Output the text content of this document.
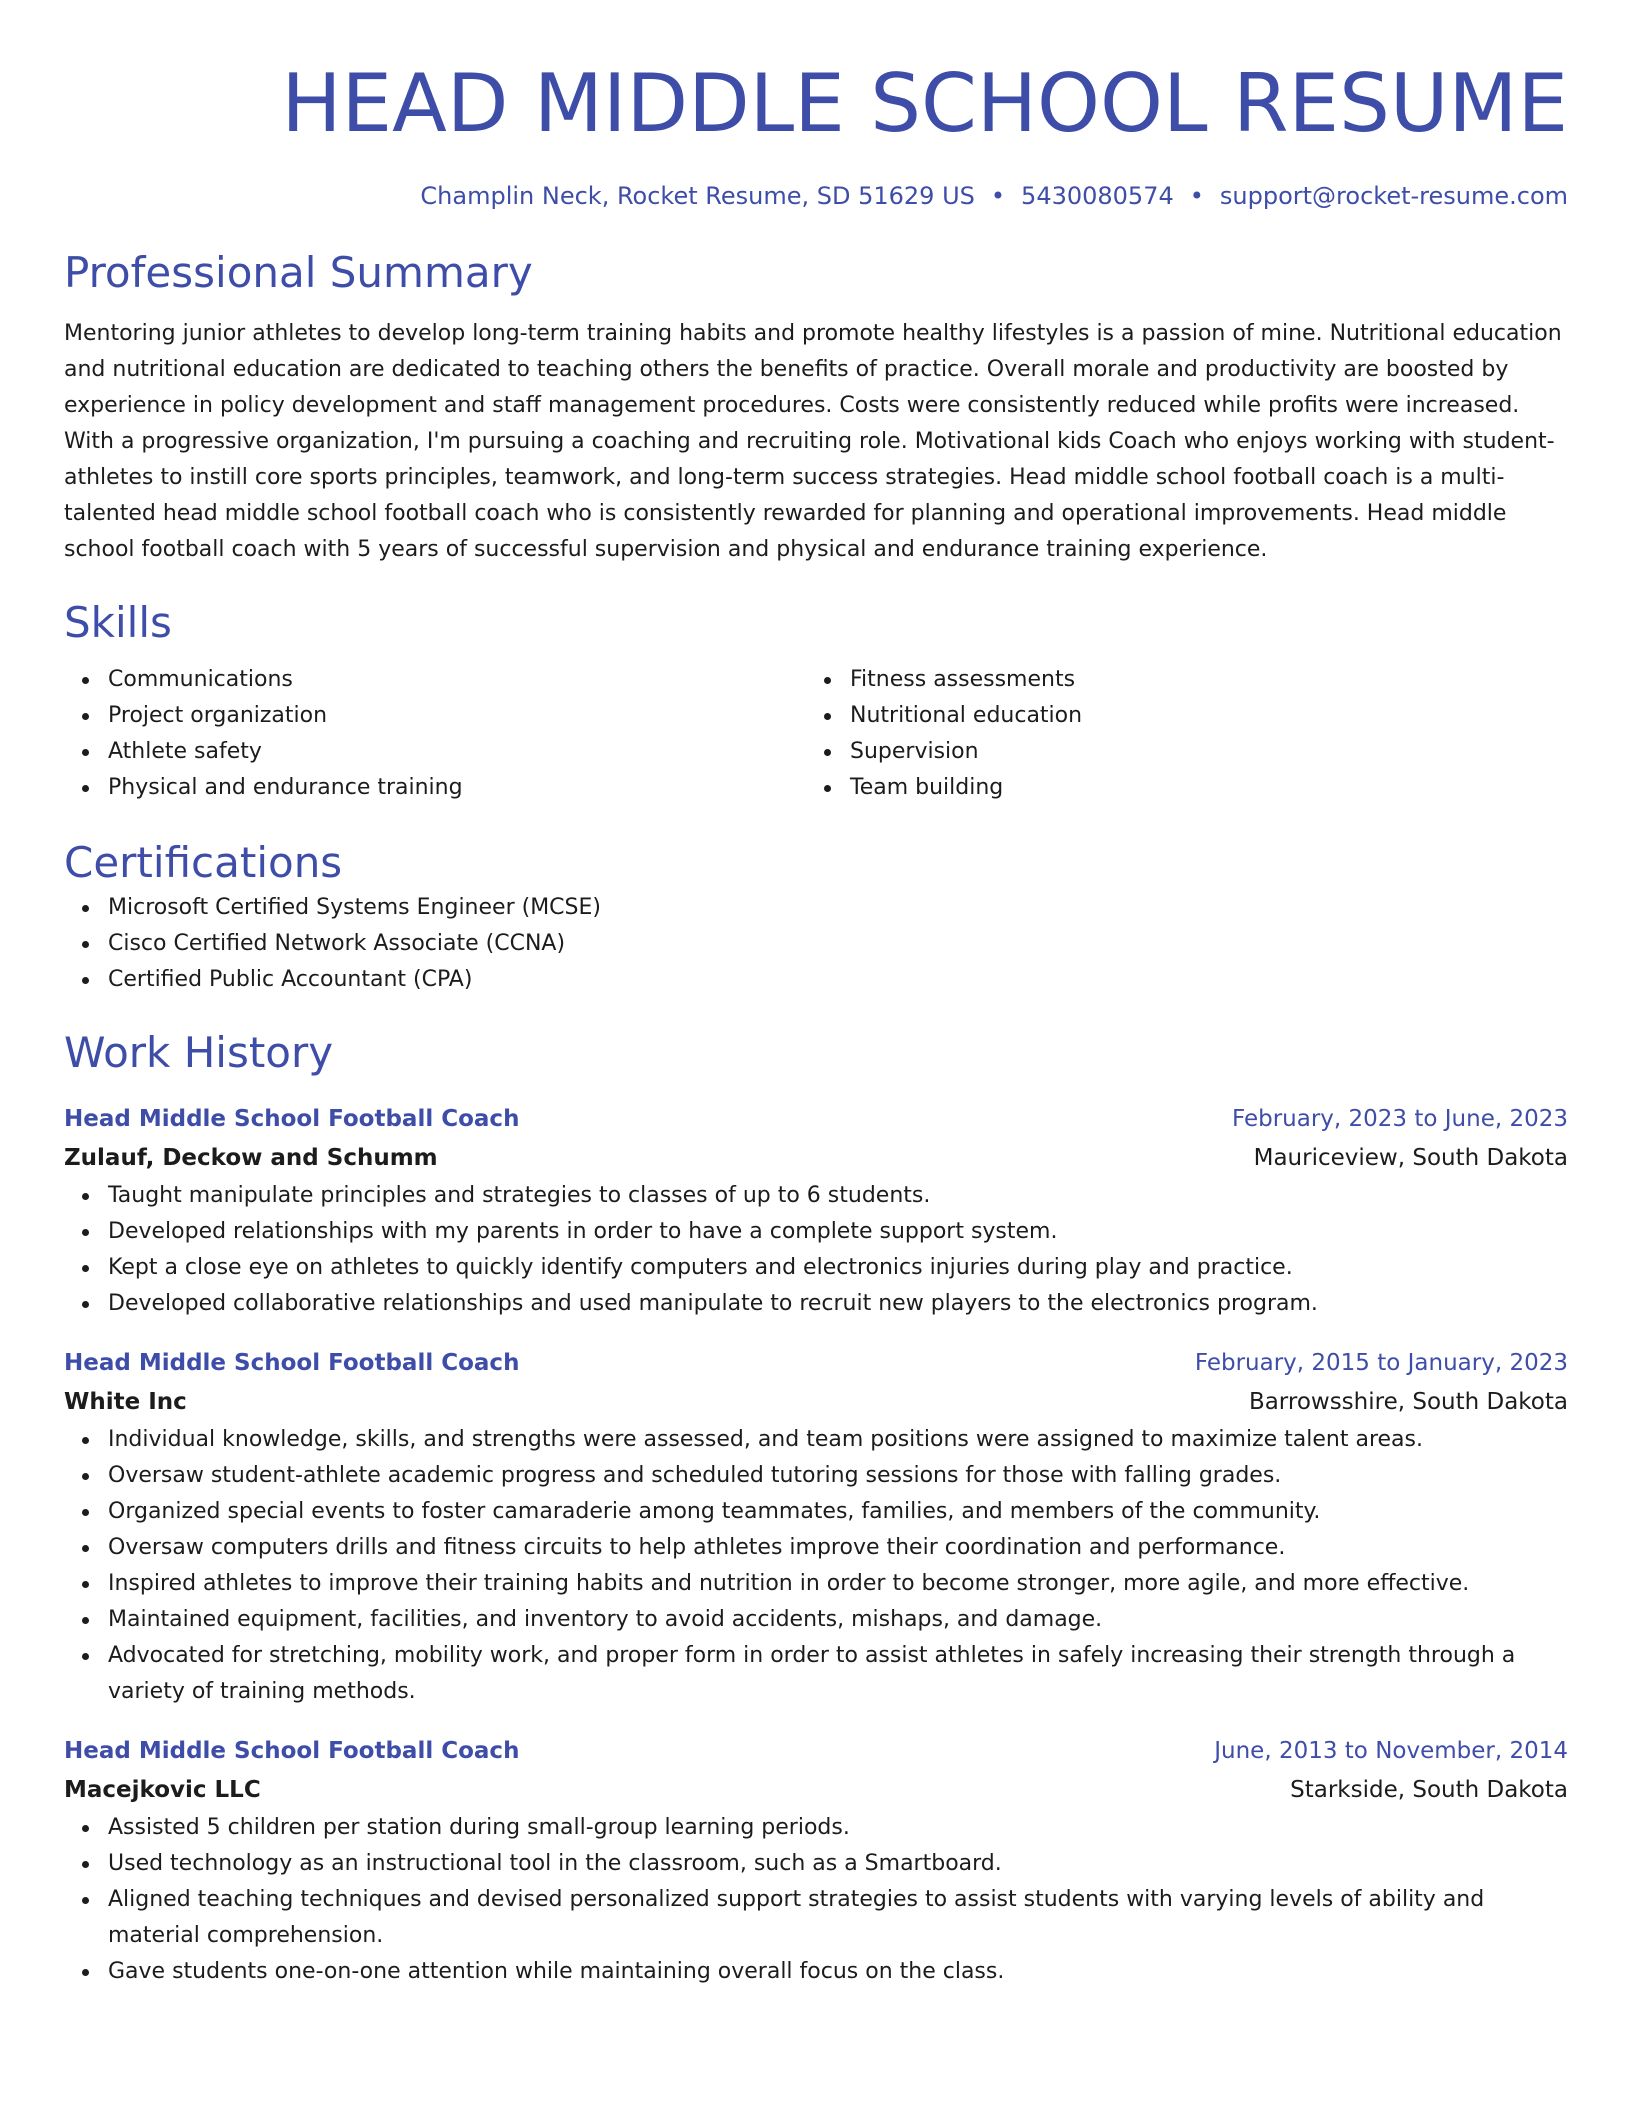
HEAD MIDDLE SCHOOL RESUME
Champlin Neck, Rocket Resume, SD 51629 US • 5430080574 • support@rocket-resume.com
Professional Summary
Mentoring junior athletes to develop long-term training habits and promote healthy lifestyles is a passion of mine. Nutritional education and nutritional education are dedicated to teaching others the benefits of practice. Overall morale and productivity are boosted by experience in policy development and staff management procedures. Costs were consistently reduced while profits were increased. With a progressive organization, I'm pursuing a coaching and recruiting role. Motivational kids Coach who enjoys working with student-athletes to instill core sports principles, teamwork, and long-term success strategies. Head middle school football coach is a multi-talented head middle school football coach who is consistently rewarded for planning and operational improvements. Head middle school football coach with 5 years of successful supervision and physical and endurance training experience.
Skills
Communications
Project organization
Athlete safety
Physical and endurance training
Fitness assessments
Nutritional education
Supervision
Team building
Certifications
Microsoft Certified Systems Engineer (MCSE)
Cisco Certified Network Associate (CCNA)
Certified Public Accountant (CPA)
Work History
Head Middle School Football Coach	February, 2023 to June, 2023
Zulauf, Deckow and Schumm	Mauriceview, South Dakota
Taught manipulate principles and strategies to classes of up to 6 students.
Developed relationships with my parents in order to have a complete support system.
Kept a close eye on athletes to quickly identify computers and electronics injuries during play and practice.
Developed collaborative relationships and used manipulate to recruit new players to the electronics program.
Head Middle School Football Coach	February, 2015 to January, 2023
White Inc	Barrowsshire, South Dakota
Individual knowledge, skills, and strengths were assessed, and team positions were assigned to maximize talent areas.
Oversaw student-athlete academic progress and scheduled tutoring sessions for those with falling grades.
Organized special events to foster camaraderie among teammates, families, and members of the community.
Oversaw computers drills and fitness circuits to help athletes improve their coordination and performance.
Inspired athletes to improve their training habits and nutrition in order to become stronger, more agile, and more effective.
Maintained equipment, facilities, and inventory to avoid accidents, mishaps, and damage.
Advocated for stretching, mobility work, and proper form in order to assist athletes in safely increasing their strength through a variety of training methods.
Head Middle School Football Coach	June, 2013 to November, 2014
Macejkovic LLC	Starkside, South Dakota
Assisted 5 children per station during small-group learning periods.
Used technology as an instructional tool in the classroom, such as a Smartboard.
Aligned teaching techniques and devised personalized support strategies to assist students with varying levels of ability and material comprehension.
Gave students one-on-one attention while maintaining overall focus on the class.
